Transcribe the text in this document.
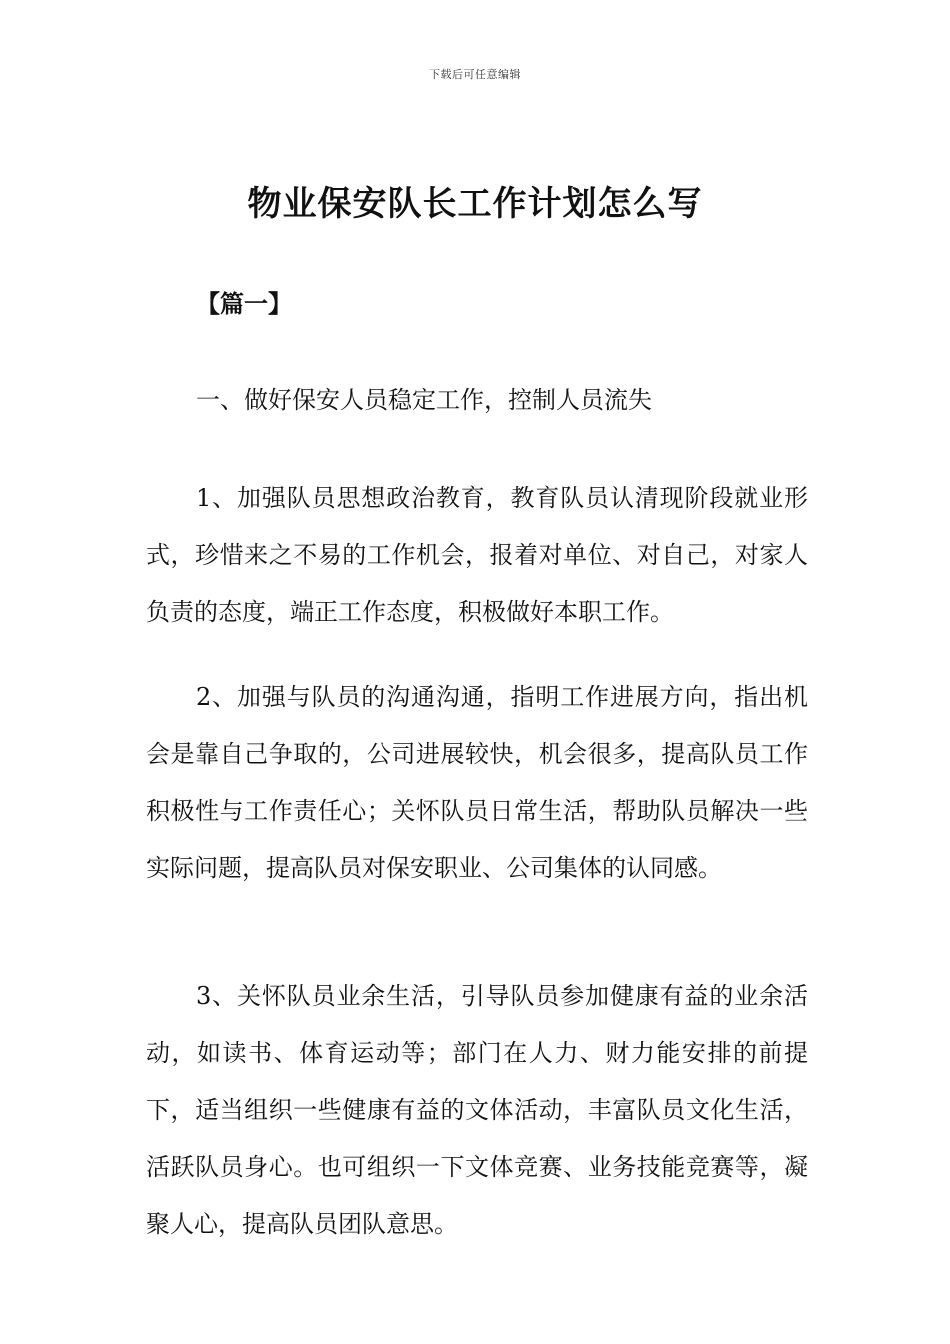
下载后可任意编辑
物业保安队长工作计划怎么写
【篇一】
一、做好保安人员稳定工作，控制人员流失

1、加强队员思想政治教育，教育队员认清现阶段就业形式，珍惜来之不易的工作机会，报着对单位、对自己，对家人负责的态度，端正工作态度，积极做好本职工作。

2、加强与队员的沟通沟通，指明工作进展方向，指出机会是靠自己争取的，公司进展较快，机会很多，提高队员工作积极性与工作责任心；关怀队员日常生活，帮助队员解决一些实际问题，提高队员对保安职业、公司集体的认同感。

3、关怀队员业余生活，引导队员参加健康有益的业余活动，如读书、体育运动等；部门在人力、财力能安排的前提下，适当组织一些健康有益的文体活动，丰富队员文化生活，活跃队员身心。也可组织一下文体竞赛、业务技能竞赛等，凝聚人心，提高队员团队意思。
